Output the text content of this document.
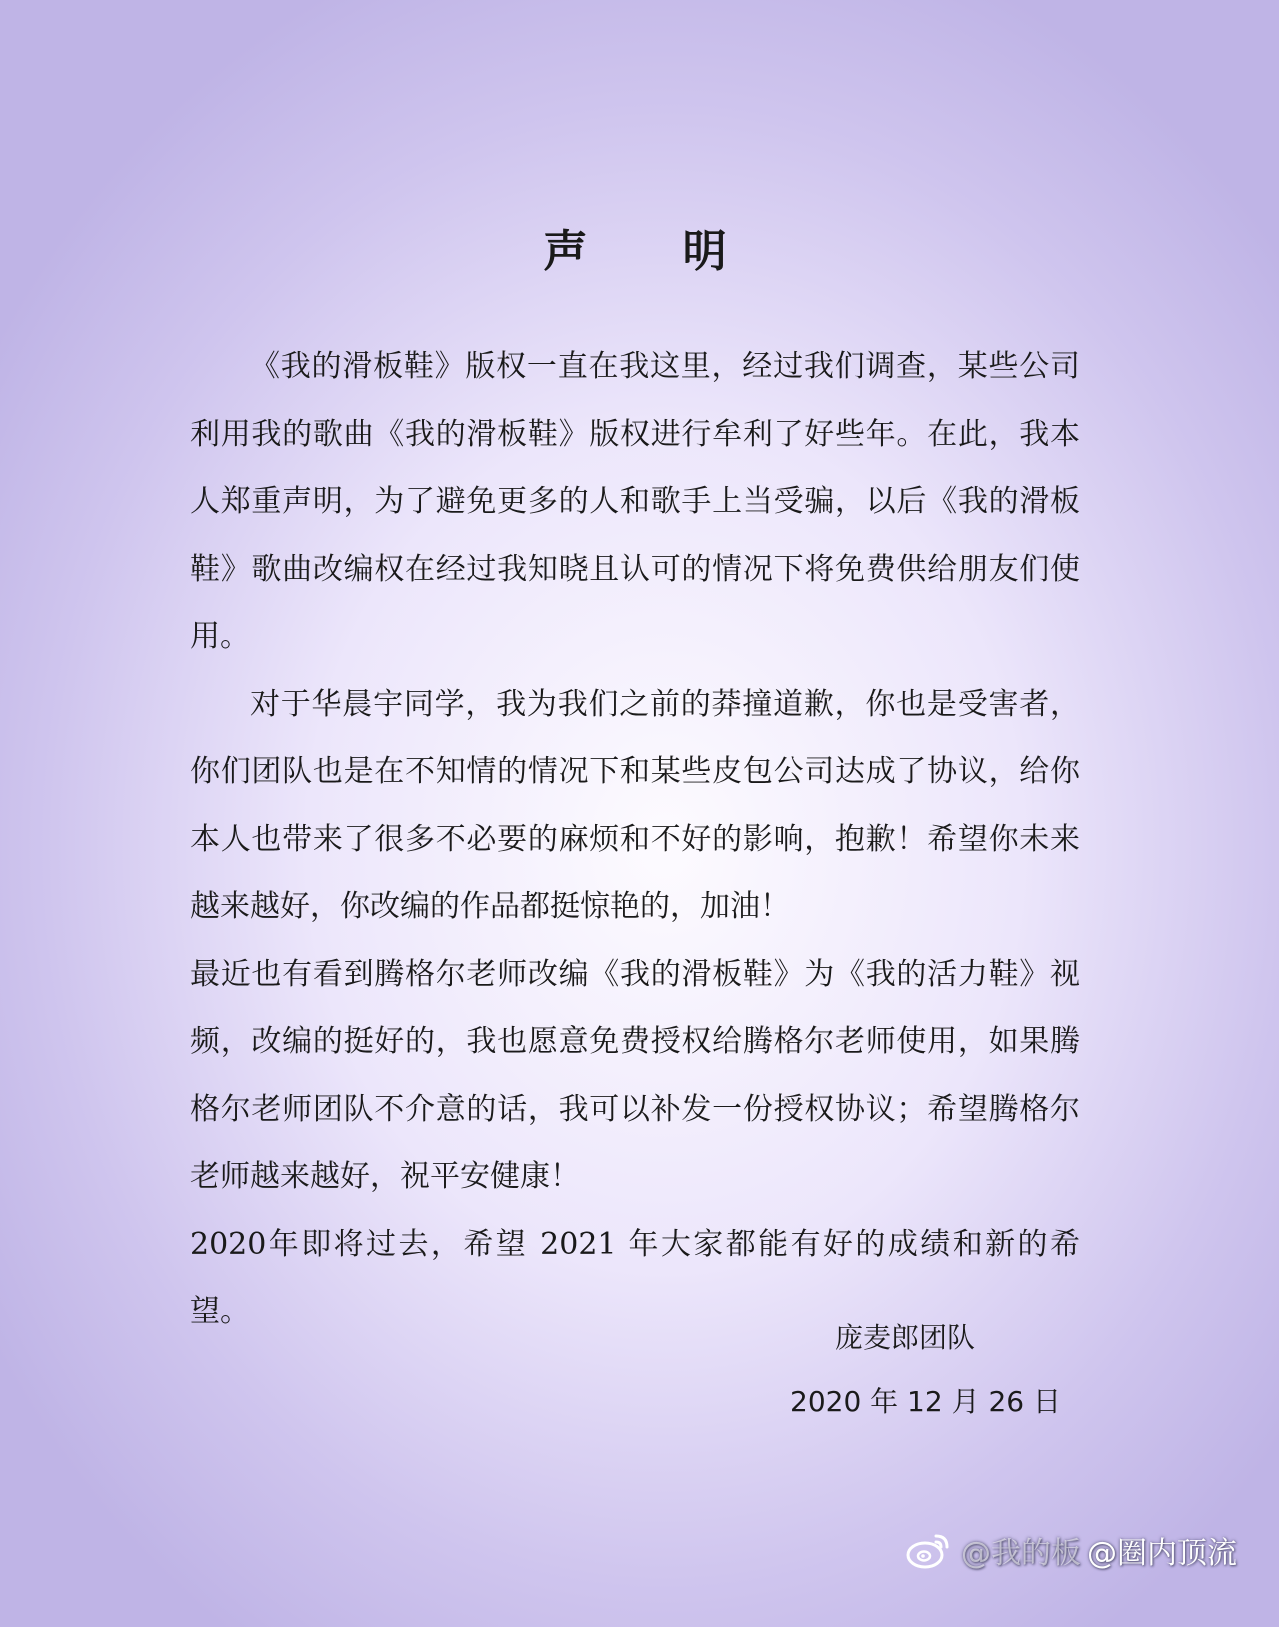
声 明

《我的滑板鞋》版权一直在我这里，经过我们调查，某些公司利用我的歌曲《我的滑板鞋》版权进行牟利了好些年。在此，我本人郑重声明，为了避免更多的人和歌手上当受骗，以后《我的滑板鞋》歌曲改编权在经过我知晓且认可的情况下将免费供给朋友们使用。

对于华晨宇同学，我为我们之前的莽撞道歉，你也是受害者，你们团队也是在不知情的情况下和某些皮包公司达成了协议，给你本人也带来了很多不必要的麻烦和不好的影响，抱歉！希望你未来越来越好，你改编的作品都挺惊艳的，加油！

最近也有看到腾格尔老师改编《我的滑板鞋》为《我的活力鞋》视频，改编的挺好的，我也愿意免费授权给腾格尔老师使用，如果腾格尔老师团队不介意的话，我可以补发一份授权协议；希望腾格尔老师越来越好，祝平安健康！

2020年即将过去，希望 2021 年大家都能有好的成绩和新的希望。

庞麦郎团队
2020 年 12 月 26 日
@我的 板 @圈内顶流
